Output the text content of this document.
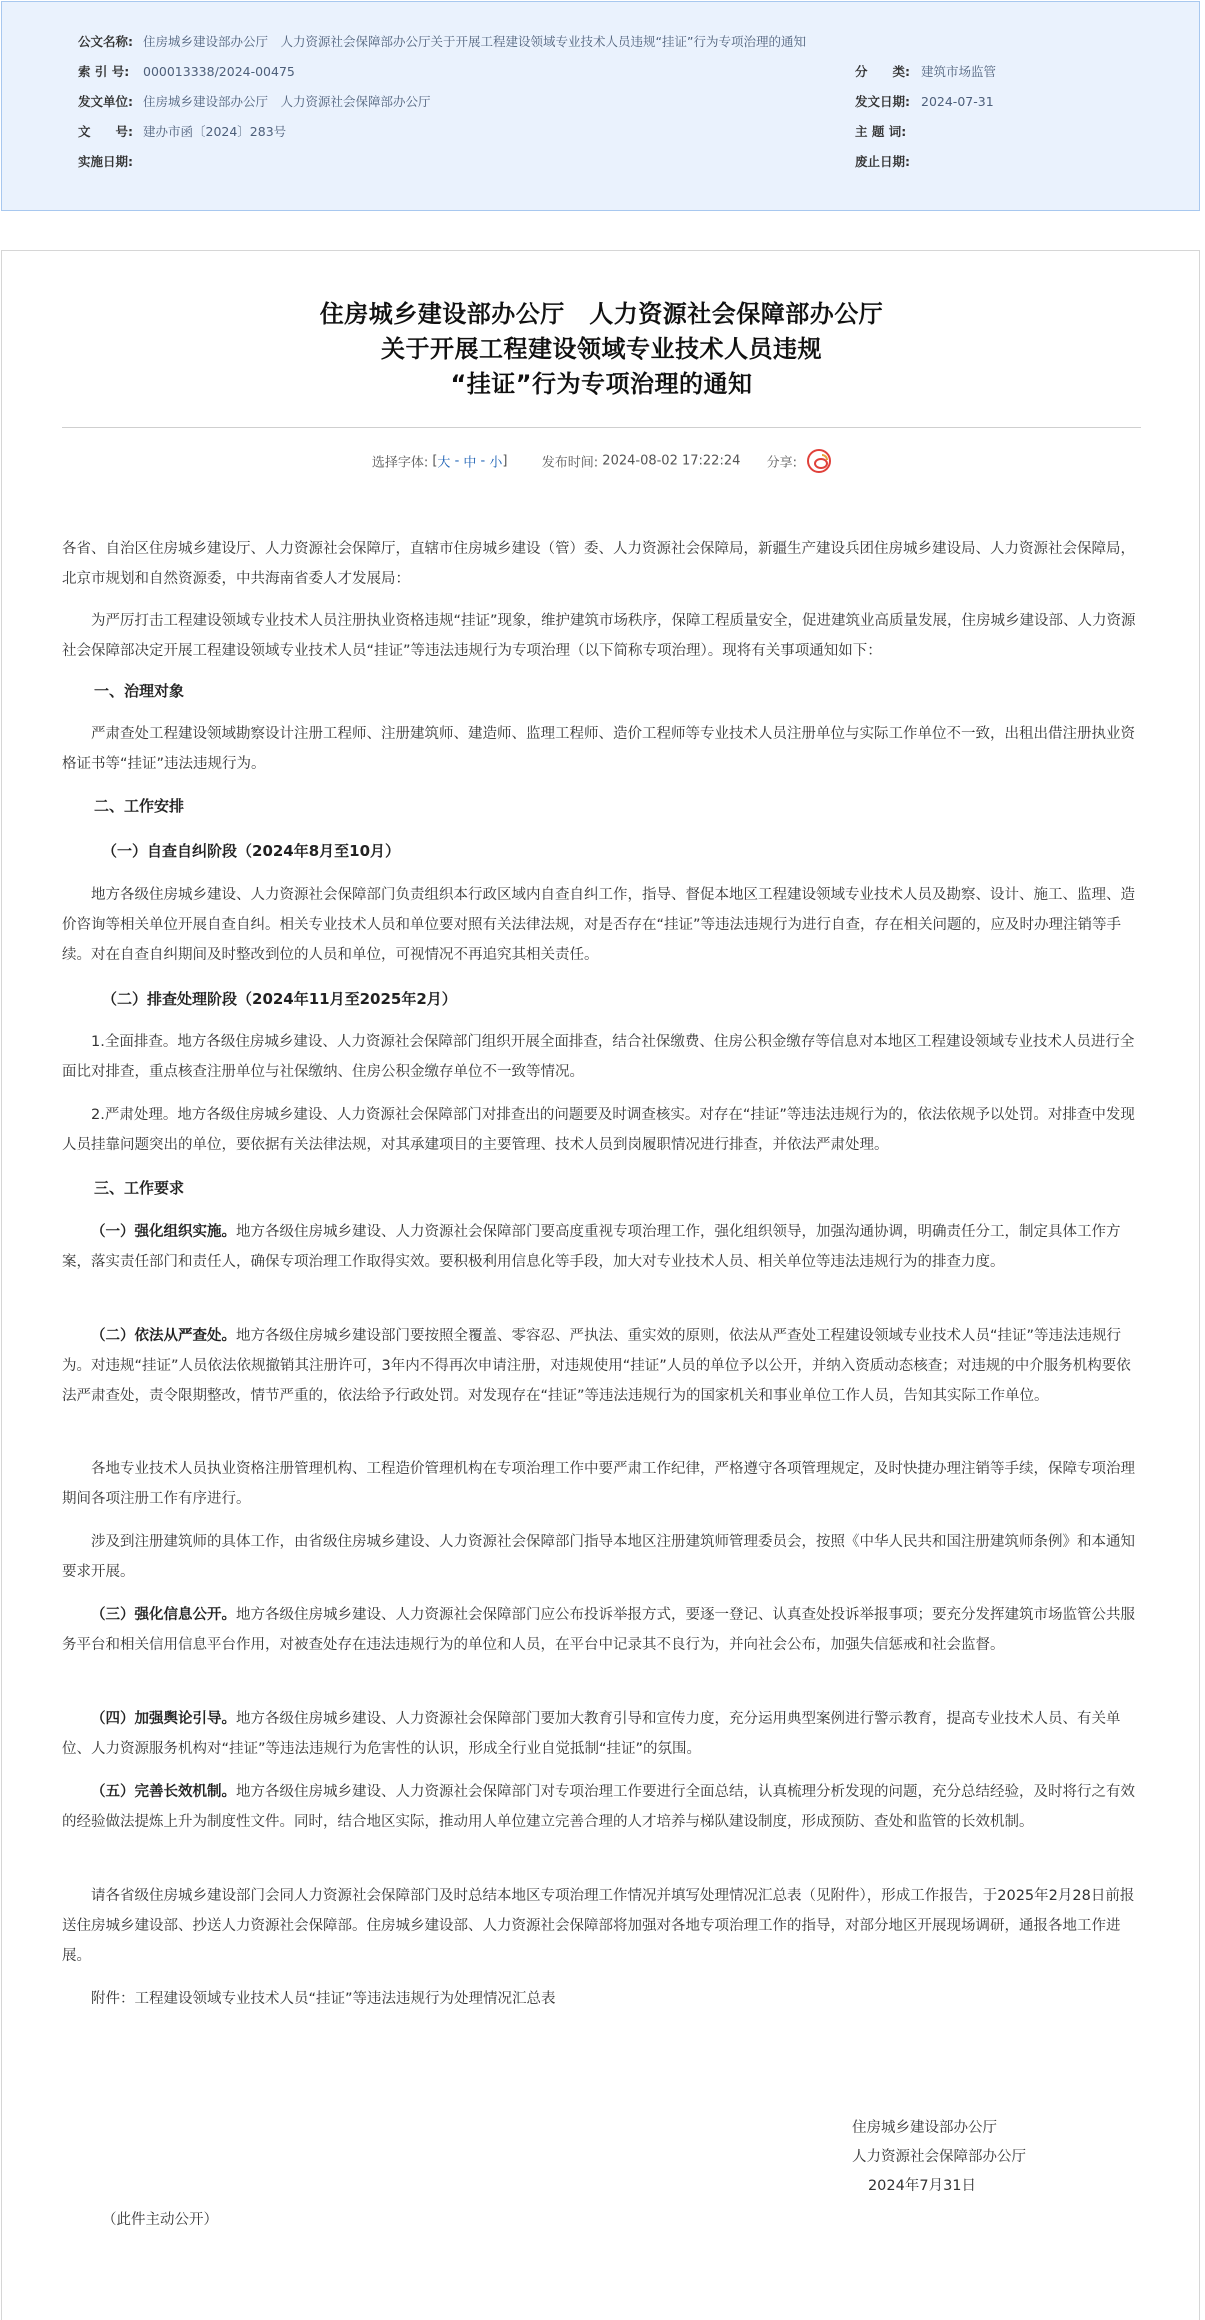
公文名称: 住房城乡建设部办公厅　人力资源社会保障部办公厅关于开展工程建设领域专业技术人员违规“挂证”行为专项治理的通知
索 引 号: 000013338/2024-00475	分　　类: 建筑市场监管
发文单位: 住房城乡建设部办公厅　人力资源社会保障部办公厅	发文日期: 2024-07-31
文　　号: 建办市函〔2024〕283号	主 题 词:
实施日期:	废止日期:
住房城乡建设部办公厅　人力资源社会保障部办公厅
关于开展工程建设领域专业技术人员违规
“挂证”行为专项治理的通知
选择字体: [大 - 中 - 小]	发布时间: 2024-08-02 17:22:24 分享:
各省、自治区住房城乡建设厅、人力资源社会保障厅，直辖市住房城乡建设（管）委、人力资源社会保障局，新疆生产建设兵团住房城乡建设局、人力资源社会保障局，北京市规划和自然资源委，中共海南省委人才发展局：
为严厉打击工程建设领域专业技术人员注册执业资格违规“挂证”现象，维护建筑市场秩序，保障工程质量安全，促进建筑业高质量发展，住房城乡建设部、人力资源社会保障部决定开展工程建设领域专业技术人员“挂证”等违法违规行为专项治理（以下简称专项治理）。现将有关事项通知如下：
一、治理对象
严肃查处工程建设领域勘察设计注册工程师、注册建筑师、建造师、监理工程师、造价工程师等专业技术人员注册单位与实际工作单位不一致，出租出借注册执业资格证书等“挂证”违法违规行为。
二、工作安排
（一）自查自纠阶段（2024年8月至10月）
地方各级住房城乡建设、人力资源社会保障部门负责组织本行政区域内自查自纠工作，指导、督促本地区工程建设领域专业技术人员及勘察、设计、施工、监理、造价咨询等相关单位开展自查自纠。相关专业技术人员和单位要对照有关法律法规，对是否存在“挂证”等违法违规行为进行自查，存在相关问题的，应及时办理注销等手续。对在自查自纠期间及时整改到位的人员和单位，可视情况不再追究其相关责任。
（二）排查处理阶段（2024年11月至2025年2月）
1.全面排查。地方各级住房城乡建设、人力资源社会保障部门组织开展全面排查，结合社保缴费、住房公积金缴存等信息对本地区工程建设领域专业技术人员进行全面比对排查，重点核查注册单位与社保缴纳、住房公积金缴存单位不一致等情况。
2.严肃处理。地方各级住房城乡建设、人力资源社会保障部门对排查出的问题要及时调查核实。对存在“挂证”等违法违规行为的，依法依规予以处罚。对排查中发现人员挂靠问题突出的单位，要依据有关法律法规，对其承建项目的主要管理、技术人员到岗履职情况进行排查，并依法严肃处理。
三、工作要求
（一）强化组织实施。地方各级住房城乡建设、人力资源社会保障部门要高度重视专项治理工作，强化组织领导，加强沟通协调，明确责任分工，制定具体工作方案，落实责任部门和责任人，确保专项治理工作取得实效。要积极利用信息化等手段，加大对专业技术人员、相关单位等违法违规行为的排查力度。
（二）依法从严查处。地方各级住房城乡建设部门要按照全覆盖、零容忍、严执法、重实效的原则，依法从严查处工程建设领域专业技术人员“挂证”等违法违规行为。对违规“挂证”人员依法依规撤销其注册许可，3年内不得再次申请注册，对违规使用“挂证”人员的单位予以公开，并纳入资质动态核查；对违规的中介服务机构要依法严肃查处，责令限期整改，情节严重的，依法给予行政处罚。对发现存在“挂证”等违法违规行为的国家机关和事业单位工作人员，告知其实际工作单位。
各地专业技术人员执业资格注册管理机构、工程造价管理机构在专项治理工作中要严肃工作纪律，严格遵守各项管理规定，及时快捷办理注销等手续，保障专项治理期间各项注册工作有序进行。
涉及到注册建筑师的具体工作，由省级住房城乡建设、人力资源社会保障部门指导本地区注册建筑师管理委员会，按照《中华人民共和国注册建筑师条例》和本通知要求开展。
（三）强化信息公开。地方各级住房城乡建设、人力资源社会保障部门应公布投诉举报方式，要逐一登记、认真查处投诉举报事项；要充分发挥建筑市场监管公共服务平台和相关信用信息平台作用，对被查处存在违法违规行为的单位和人员，在平台中记录其不良行为，并向社会公布，加强失信惩戒和社会监督。
（四）加强舆论引导。地方各级住房城乡建设、人力资源社会保障部门要加大教育引导和宣传力度，充分运用典型案例进行警示教育，提高专业技术人员、有关单位、人力资源服务机构对“挂证”等违法违规行为危害性的认识，形成全行业自觉抵制“挂证”的氛围。
（五）完善长效机制。地方各级住房城乡建设、人力资源社会保障部门对专项治理工作要进行全面总结，认真梳理分析发现的问题，充分总结经验，及时将行之有效的经验做法提炼上升为制度性文件。同时，结合地区实际，推动用人单位建立完善合理的人才培养与梯队建设制度，形成预防、查处和监管的长效机制。
请各省级住房城乡建设部门会同人力资源社会保障部门及时总结本地区专项治理工作情况并填写处理情况汇总表（见附件），形成工作报告，于2025年2月28日前报送住房城乡建设部、抄送人力资源社会保障部。住房城乡建设部、人力资源社会保障部将加强对各地专项治理工作的指导，对部分地区开展现场调研，通报各地工作进展。
附件：工程建设领域专业技术人员“挂证”等违法违规行为处理情况汇总表
住房城乡建设部办公厅
人力资源社会保障部办公厅
2024年7月31日
（此件主动公开）
